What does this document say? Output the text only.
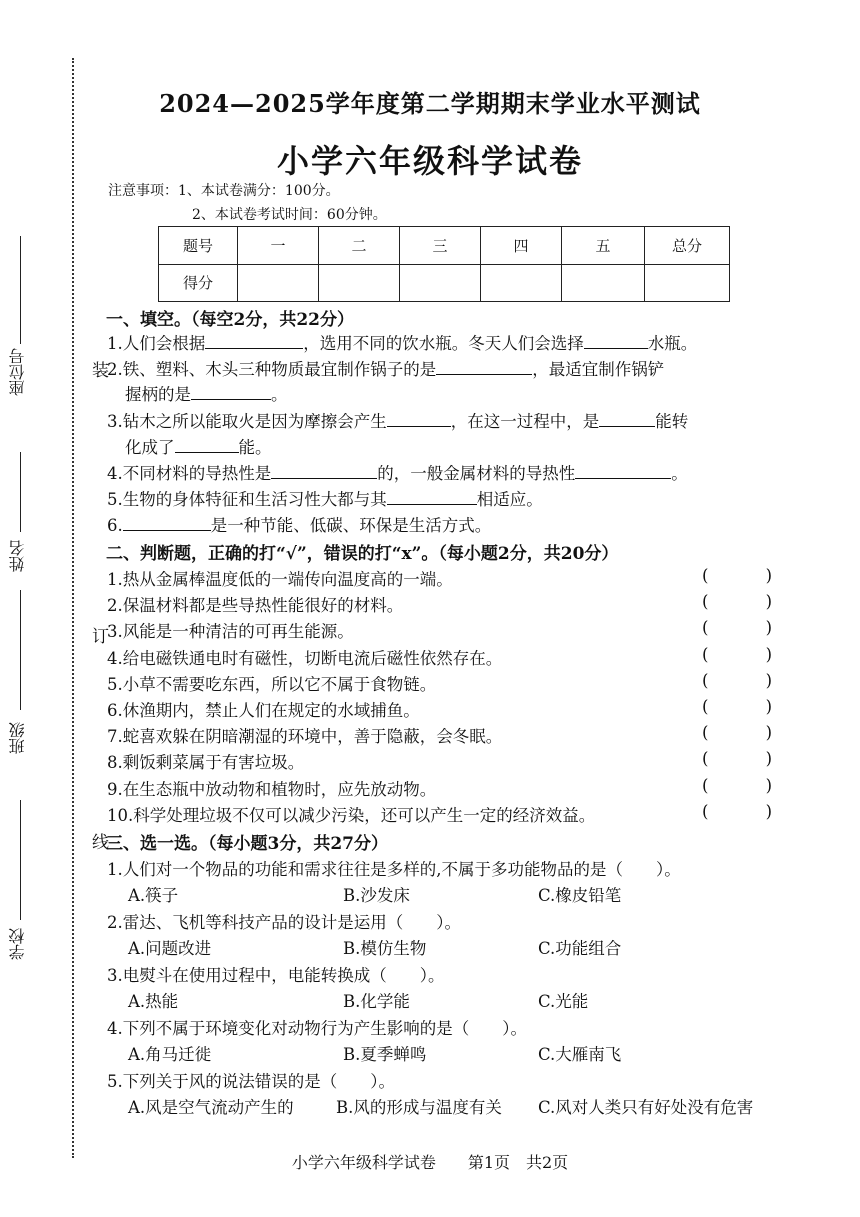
装
订
线
座位号
姓名
班级
学校
2024—2025学年度第二学期期末学业水平测试
小学六年级科学试卷
注意事项：1、本试卷满分：100分。
2、本试卷考试时间：60分钟。
题号	一	二	三	四	五	总分
得分						
一、填空。（每空2分，共22分）
1.人们会根据	，选用不同的饮水瓶。冬天人们会选择	水瓶。
2.铁、塑料、木头三种物质最宜制作锅子的是	，最适宜制作锅铲
握柄的是	。
3.钻木之所以能取火是因为摩擦会产生	，在这一过程中，是	能转
化成了	能。
4.不同材料的导热性是	的，一般金属材料的导热性	。
5.生物的身体特征和生活习性大都与其	相适应。
6.	是一种节能、低碳、环保是生活方式。
二、判断题，正确的打“√”，错误的打“x”。（每小题2分，共20分）
1.热从金属棒温度低的一端传向温度高的一端。	(	)
2.保温材料都是些导热性能很好的材料。	(	)
3.风能是一种清洁的可再生能源。	(	)
4.给电磁铁通电时有磁性，切断电流后磁性依然存在。	(	)
5.小草不需要吃东西，所以它不属于食物链。	(	)
6.休渔期内，禁止人们在规定的水域捕鱼。	(	)
7.蛇喜欢躲在阴暗潮湿的环境中，善于隐蔽，会冬眠。	(	)
8.剩饭剩菜属于有害垃圾。	(	)
9.在生态瓶中放动物和植物时，应先放动物。	(	)
10.科学处理垃圾不仅可以减少污染，还可以产生一定的经济效益。	(	)
三、选一选。（每小题3分，共27分）
1.人们对一个物品的功能和需求往往是多样的,不属于多功能物品的是（　　）。
A.筷子	B.沙发床	C.橡皮铅笔
2.雷达、飞机等科技产品的设计是运用（　　）。
A.问题改进	B.模仿生物	C.功能组合
3.电熨斗在使用过程中，电能转换成（　　）。
A.热能	B.化学能	C.光能
4.下列不属于环境变化对动物行为产生影响的是（　　）。
A.角马迁徙	B.夏季蝉鸣	C.大雁南飞
5.下列关于风的说法错误的是（　　）。
A.风是空气流动产生的	B.风的形成与温度有关 C.风对人类只有好处没有危害
小学六年级科学试卷　　第1页　共2页
